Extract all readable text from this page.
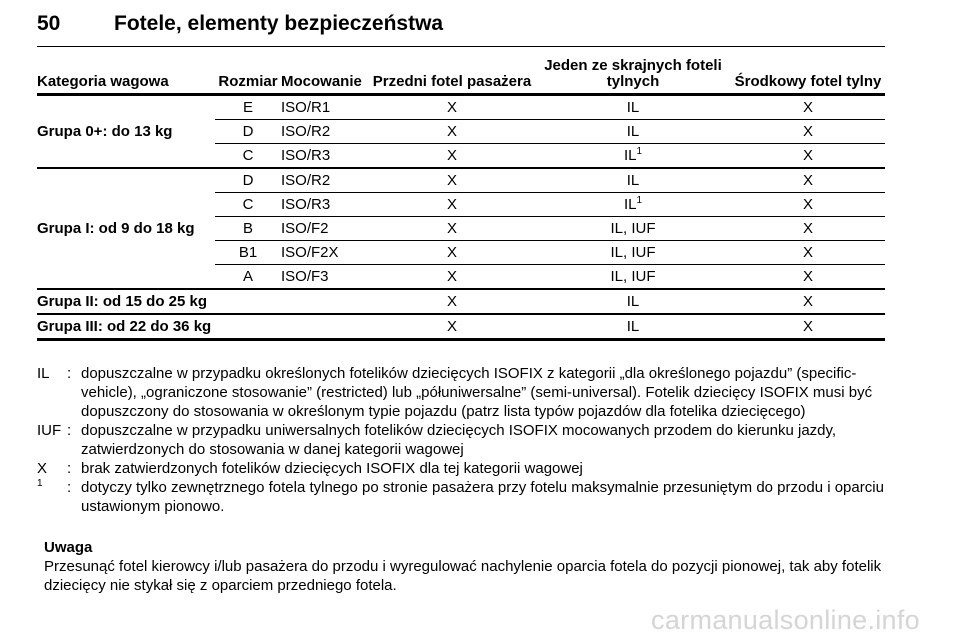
50	Fotele, elementy bezpieczeństwa
Kategoria wagowa	Rozmiar	Mocowanie	Przedni fotel pasażera	Jeden ze skrajnych foteli tylnych	Środkowy fotel tylny
Grupa 0+: do 13 kg	E	ISO/R1	X	IL	X
	D	ISO/R2	X	IL	X
	C	ISO/R3	X	$IL^1$	X
Grupa I: od 9 do 18 kg	D	ISO/R2	X	IL	X
	C	ISO/R3	X	$IL^1$	X
	B	ISO/F2	X	IL, IUF	X
	B1	ISO/F2X	X	IL, IUF	X
	A	ISO/F3	X	IL, IUF	X
Grupa II: od 15 do 25 kg			X	IL	X
Grupa III: od 22 do 36 kg			X	IL	X
IL	: dopuszczalne w przypadku określonych fotelików dziecięcych ISOFIX z kategorii „dla określonego pojazdu” (specific-vehicle), „ograniczone stosowanie” (restricted) lub „półuniwersalne” (semi-universal). Fotelik dziecięcy ISOFIX musi być dopuszczony do stosowania w określonym typie pojazdu (patrz lista typów pojazdów dla fotelika dziecięcego)
IUF : dopuszczalne w przypadku uniwersalnych fotelików dziecięcych ISOFIX mocowanych przodem do kierunku jazdy, zatwierdzonych do stosowania w danej kategorii wagowej
X	: brak zatwierdzonych fotelików dziecięcych ISOFIX dla tej kategorii wagowej
$^1$	: dotyczy tylko zewnętrznego fotela tylnego po stronie pasażera przy fotelu maksymalnie przesuniętym do przodu i oparciu ustawionym pionowo.
Uwaga
Przesunąć fotel kierowcy i/lub pasażera do przodu i wyregulować nachylenie oparcia fotela do pozycji pionowej, tak aby fotelik dziecięcy nie stykał się z oparciem przedniego fotela.
carmanualsonline.info
